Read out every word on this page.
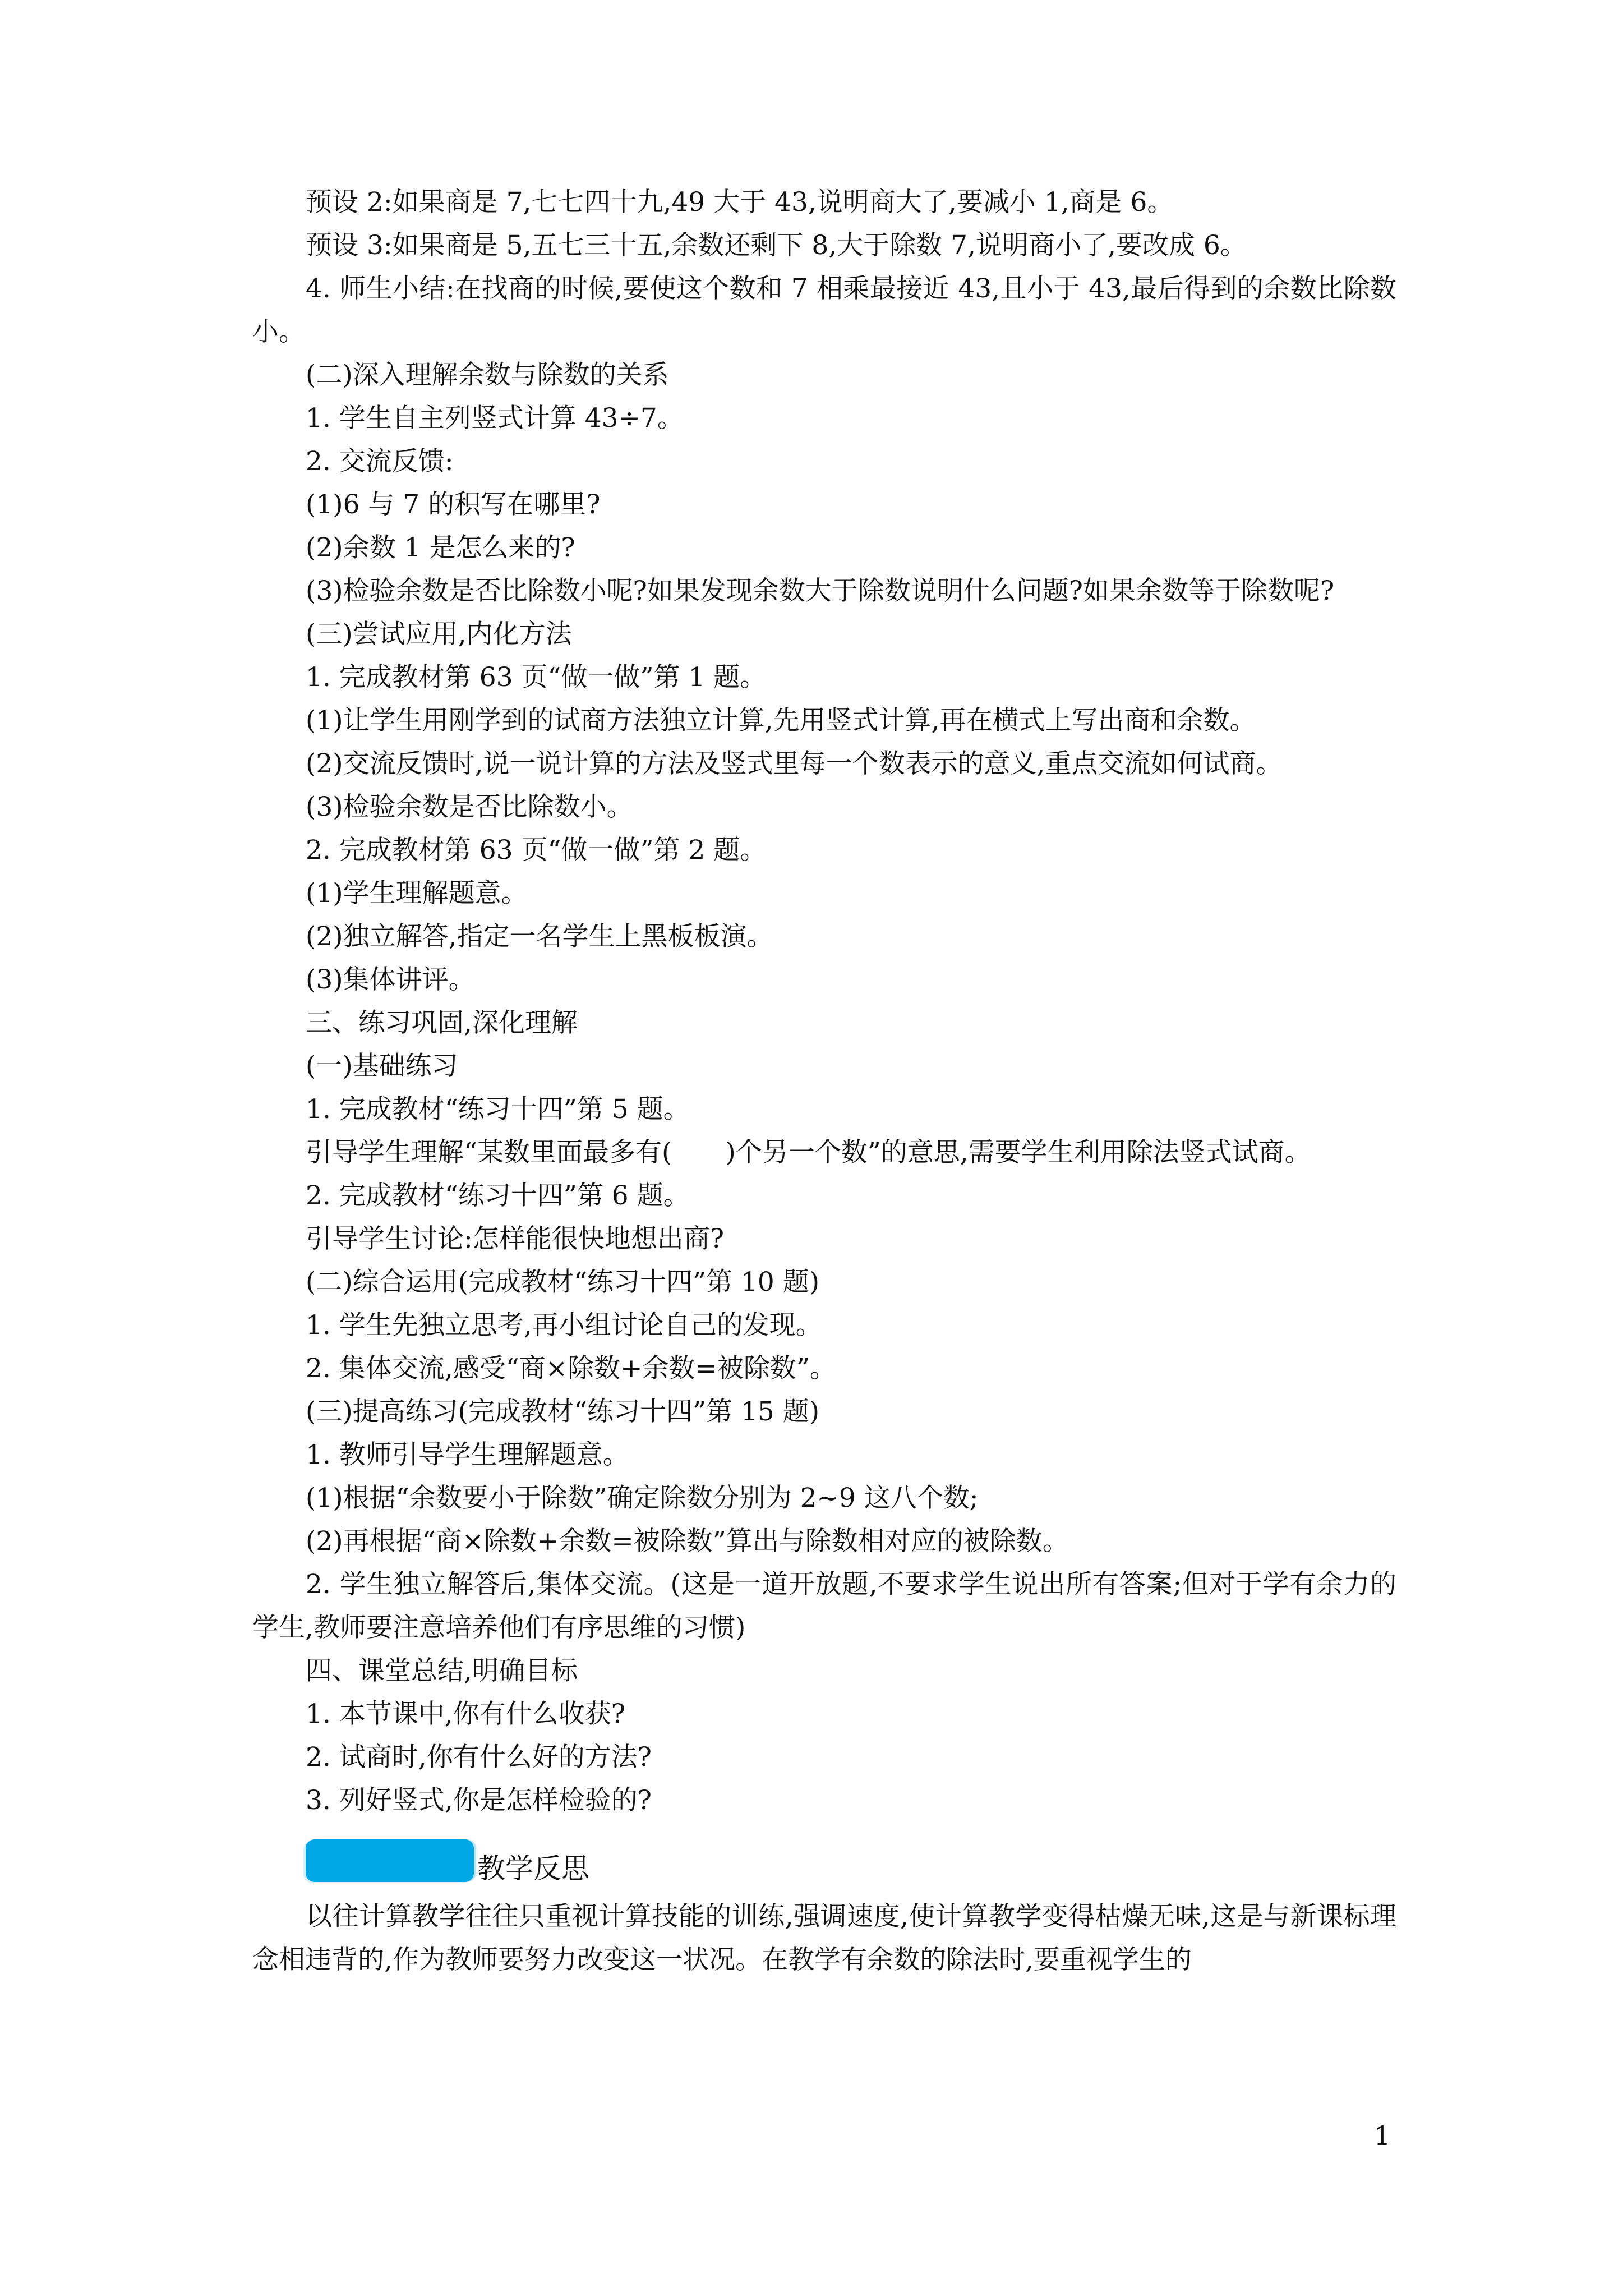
预设 2:如果商是 7,七七四十九,49 大于 43,说明商大了,要减小 1,商是 6。

预设 3:如果商是 5,五七三十五,余数还剩下 8,大于除数 7,说明商小了,要改成 6。

4. 师生小结:在找商的时候,要使这个数和 7 相乘最接近 43,且小于 43,最后得到的余数比除数小。

(二)深入理解余数与除数的关系

1. 学生自主列竖式计算 43÷7。

2. 交流反馈:

(1)6 与 7 的积写在哪里?

(2)余数 1 是怎么来的?

(3)检验余数是否比除数小呢?如果发现余数大于除数说明什么问题?如果余数等于除数呢?

(三)尝试应用,内化方法

1. 完成教材第 63 页“做一做”第 1 题。

(1)让学生用刚学到的试商方法独立计算,先用竖式计算,再在横式上写出商和余数。

(2)交流反馈时,说一说计算的方法及竖式里每一个数表示的意义,重点交流如何试商。

(3)检验余数是否比除数小。

2. 完成教材第 63 页“做一做”第 2 题。

(1)学生理解题意。

(2)独立解答,指定一名学生上黑板板演。

(3)集体讲评。

三、练习巩固,深化理解

(一)基础练习

1. 完成教材“练习十四”第 5 题。

引导学生理解“某数里面最多有( )个另一个数”的意思,需要学生利用除法竖式试商。

2. 完成教材“练习十四”第 6 题。

引导学生讨论:怎样能很快地想出商?

(二)综合运用(完成教材“练习十四”第 10 题)

1. 学生先独立思考,再小组讨论自己的发现。

2. 集体交流,感受“商×除数+余数=被除数”。

(三)提高练习(完成教材“练习十四”第 15 题)

1. 教师引导学生理解题意。

(1)根据“余数要小于除数”确定除数分别为 2~9 这八个数;

(2)再根据“商×除数+余数=被除数”算出与除数相对应的被除数。

2. 学生独立解答后,集体交流。(这是一道开放题,不要求学生说出所有答案;但对于学有余力的学生,教师要注意培养他们有序思维的习惯)

四、课堂总结,明确目标

1. 本节课中,你有什么收获?

2. 试商时,你有什么好的方法?

3. 列好竖式,你是怎样检验的?

教学反思

以往计算教学往往只重视计算技能的训练,强调速度,使计算教学变得枯燥无味,这是与新课标理念相违背的,作为教师要努力改变这一状况。在教学有余数的除法时,要重视学生的

1
